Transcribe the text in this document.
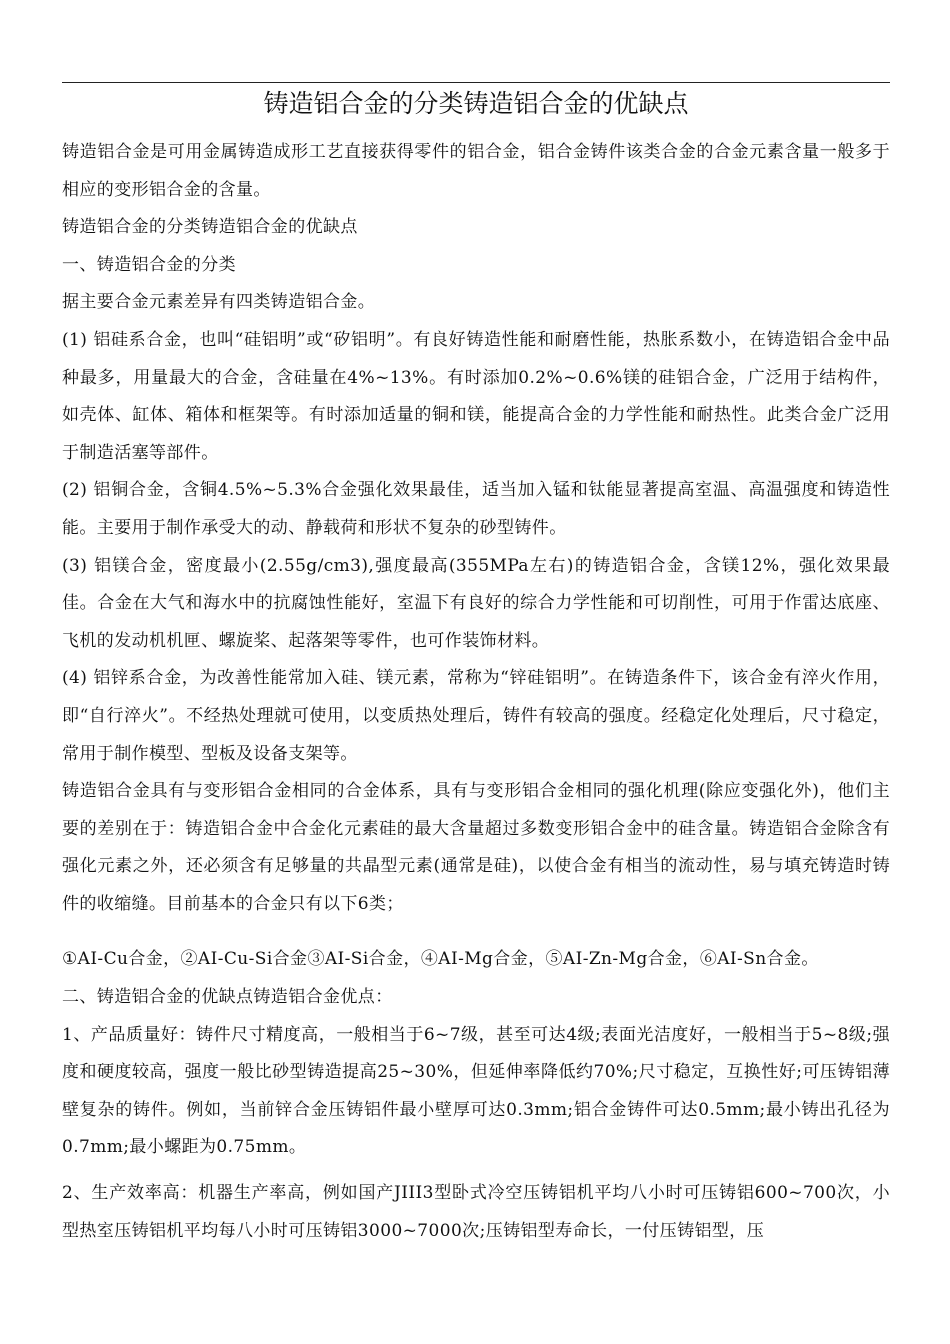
铸造铝合金的分类铸造铝合金的优缺点

铸造铝合金是可用金属铸造成形工艺直接获得零件的铝合金，铝合金铸件该类合金的合金元素含量一般多于相应的变形铝合金的含量。

铸造铝合金的分类铸造铝合金的优缺点

一、铸造铝合金的分类

据主要合金元素差异有四类铸造铝合金。

(1) 铝硅系合金，也叫“硅铝明”或“矽铝明”。有良好铸造性能和耐磨性能，热胀系数小，在铸造铝合金中品种最多，用量最大的合金，含硅量在4%~13%。有时添加0.2%~0.6%镁的硅铝合金，广泛用于结构件，如壳体、缸体、箱体和框架等。有时添加适量的铜和镁，能提高合金的力学性能和耐热性。此类合金广泛用于制造活塞等部件。

(2) 铝铜合金，含铜4.5%~5.3%合金强化效果最佳，适当加入锰和钛能显著提高室温、高温强度和铸造性能。主要用于制作承受大的动、静载荷和形状不复杂的砂型铸件。

(3) 铝镁合金，密度最小(2.55g/cm3),强度最高(355MPa左右)的铸造铝合金，含镁12%，强化效果最佳。合金在大气和海水中的抗腐蚀性能好，室温下有良好的综合力学性能和可切削性，可用于作雷达底座、飞机的发动机机匣、螺旋桨、起落架等零件，也可作装饰材料。

(4) 铝锌系合金，为改善性能常加入硅、镁元素，常称为“锌硅铝明”。在铸造条件下，该合金有淬火作用，即“自行淬火”。不经热处理就可使用，以变质热处理后，铸件有较高的强度。经稳定化处理后，尺寸稳定，常用于制作模型、型板及设备支架等。

铸造铝合金具有与变形铝合金相同的合金体系，具有与变形铝合金相同的强化机理(除应变强化外)，他们主要的差别在于：铸造铝合金中合金化元素硅的最大含量超过多数变形铝合金中的硅含量。铸造铝合金除含有强化元素之外，还必须含有足够量的共晶型元素(通常是硅)，以使合金有相当的流动性，易与填充铸造时铸件的收缩缝。目前基本的合金只有以下6类；

①AI-Cu合金，②AI-Cu-Si合金③AI-Si合金，④AI-Mg合金，⑤AI-Zn-Mg合金，⑥AI-Sn合金。

二、铸造铝合金的优缺点铸造铝合金优点：

1、产品质量好：铸件尺寸精度高，一般相当于6~7级，甚至可达4级;表面光洁度好，一般相当于5~8级;强度和硬度较高，强度一般比砂型铸造提高25~30%，但延伸率降低约70%;尺寸稳定，互换性好;可压铸铝薄壁复杂的铸件。例如，当前锌合金压铸铝件最小壁厚可达0.3mm;铝合金铸件可达0.5mm;最小铸出孔径为0.7mm;最小螺距为0.75mm。

2、生产效率高：机器生产率高，例如国产JIII3型卧式冷空压铸铝机平均八小时可压铸铝600~700次，小型热室压铸铝机平均每八小时可压铸铝3000~7000次;压铸铝型寿命长，一付压铸铝型，压
